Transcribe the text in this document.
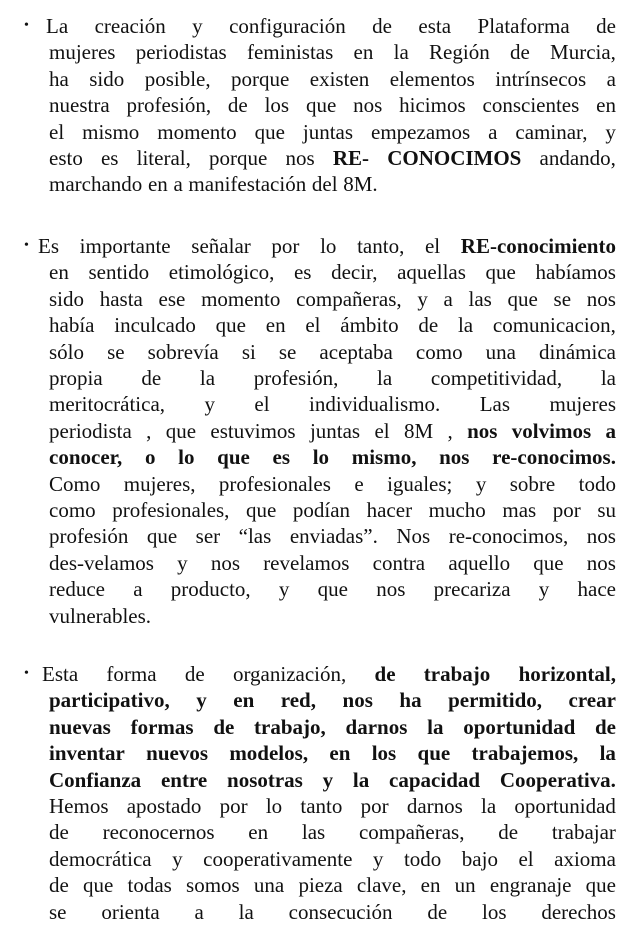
• La creación y configuración de esta Plataforma de
mujeres periodistas feministas en la Región de Murcia,
ha sido posible, porque existen elementos intrínsecos a
nuestra profesión, de los que nos hicimos conscientes en
el mismo momento que juntas empezamos a caminar, y
esto es literal, porque nos RE- CONOCIMOS andando,
marchando en a manifestación del 8M.
• Es importante señalar por lo tanto, el RE-conocimiento
en sentido etimológico, es decir, aquellas que habíamos
sido hasta ese momento compañeras, y a las que se nos
había inculcado que en el ámbito de la comunicacion,
sólo se sobrevía si se aceptaba como una dinámica
propia de la profesión, la competitividad, la
meritocrática, y el individualismo. Las mujeres
periodista , que estuvimos juntas el 8M , nos volvimos a
conocer, o lo que es lo mismo, nos re-conocimos.
Como mujeres, profesionales e iguales; y sobre todo
como profesionales, que podían hacer mucho mas por su
profesión que ser “las enviadas”. Nos re-conocimos, nos
des-velamos y nos revelamos contra aquello que nos
reduce a producto, y que nos precariza y hace
vulnerables.
• Esta forma de organización, de trabajo horizontal,
participativo, y en red, nos ha permitido, crear
nuevas formas de trabajo, darnos la oportunidad de
inventar nuevos modelos, en los que trabajemos, la
Confianza entre nosotras y la capacidad Cooperativa.
Hemos apostado por lo tanto por darnos la oportunidad
de reconocernos en las compañeras, de trabajar
democrática y cooperativamente y todo bajo el axioma
de que todas somos una pieza clave, en un engranaje que
se orienta a la consecución de los derechos
